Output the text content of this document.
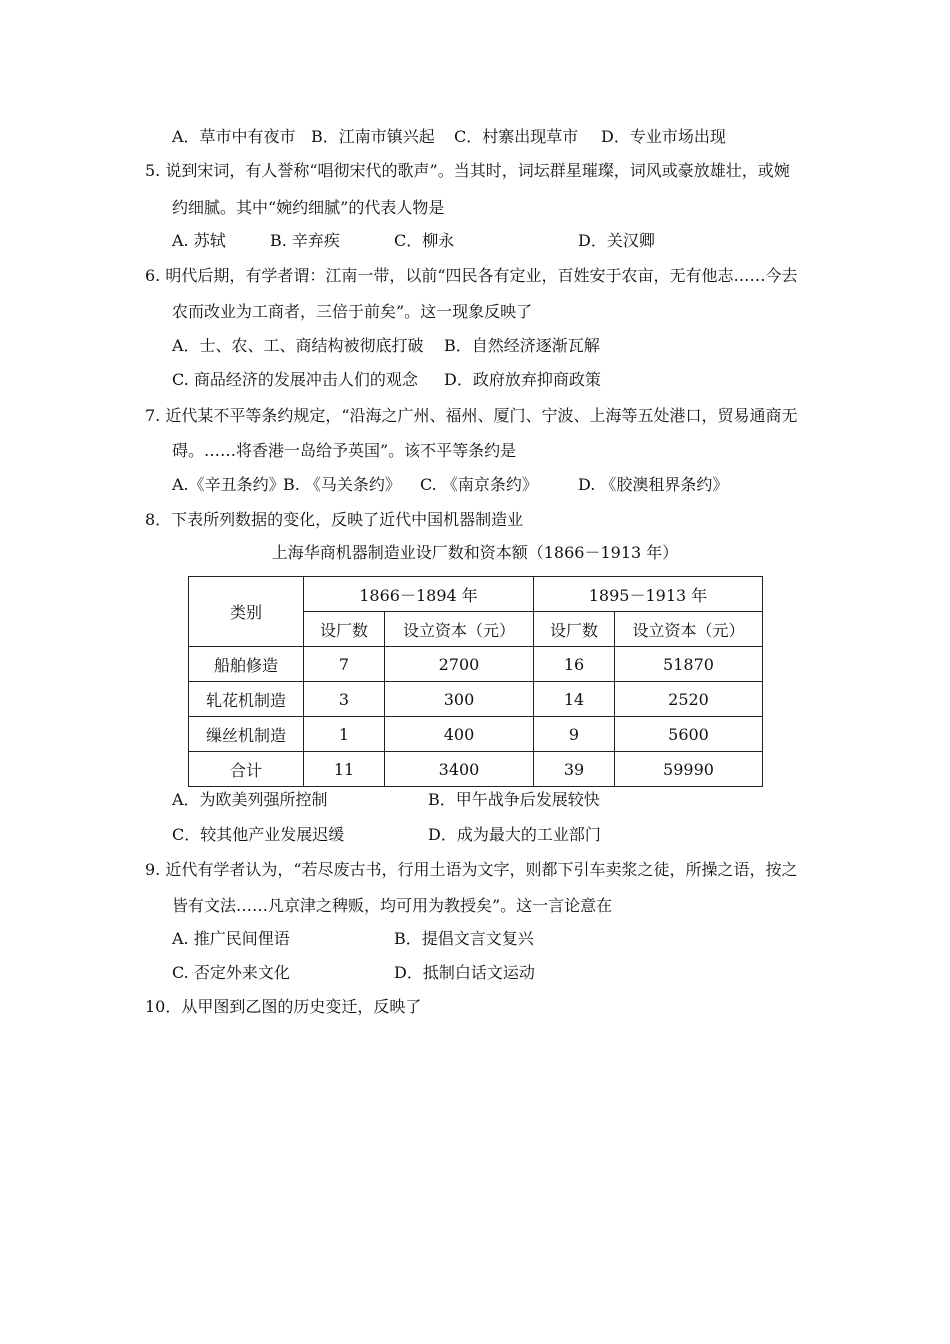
A．草市中有夜市 B．江南市镇兴起 C．村寨出现草市 D．专业市场出现
5. 说到宋词，有人誉称“唱彻宋代的歌声”。当其时，词坛群星璀璨，词风或豪放雄壮，或婉
约细腻。其中“婉约细腻”的代表人物是
A. 苏轼	B. 辛弃疾	C．柳永	D．关汉卿
6. 明代后期，有学者谓：江南一带，以前“四民各有定业，百姓安于农亩，无有他志……今去
农而改业为工商者，三倍于前矣”。这一现象反映了
A．士、农、工、商结构被彻底打破 B．自然经济逐渐瓦解
C. 商品经济的发展冲击人们的观念 D．政府放弃抑商政策
7. 近代某不平等条约规定，“沿海之广州、福州、厦门、宁波、上海等五处港口，贸易通商无
碍。……将香港一岛给予英国”。该不平等条约是
A.《辛丑条约》
B. 《马关条约》 C. 《南京条约》	D. 《胶澳租界条约》
8．下表所列数据的变化，反映了近代中国机器制造业
上海华商机器制造业设厂数和资本额（1866－1913 年）
类别	1866－1894 年		1895－1913 年	
	设厂数	设立资本（元）	设厂数	设立资本（元）
船舶修造	7	2700	16	51870
轧花机制造	3	300	14	2520
缫丝机制造	1	400	9	5600
合计	11	3400	39	59990
A．为欧美列强所控制	B．甲午战争后发展较快
C．较其他产业发展迟缓	D．成为最大的工业部门
9. 近代有学者认为，“若尽废古书，行用土语为文字，则都下引车卖浆之徒，所操之语，按之
皆有文法……凡京津之稗贩，均可用为教授矣”。这一言论意在
A. 推广民间俚语	B．提倡文言文复兴
C. 否定外来文化	D．抵制白话文运动
10．从甲图到乙图的历史变迁，反映了
